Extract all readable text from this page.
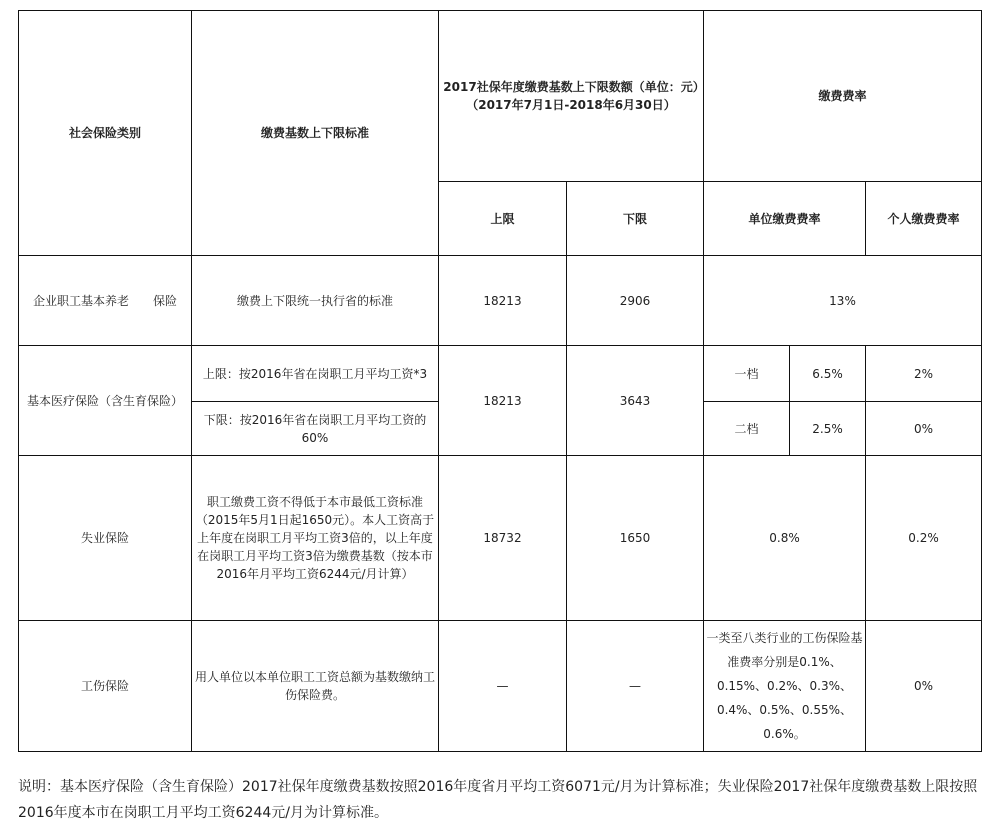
社会保险类别	缴费基数上下限标准	2017社保年度缴费基数上下限数额（单位：元）（2017年7月1日-2018年6月30日）		缴费费率			
		上限	下限	单位缴费费率		个人缴费费率	
企业职工基本养老　　保险	缴费上下限统一执行省的标准	18213	2906	13%	

基本医疗保险（含生育保险）	上限：按2016年省在岗职工月平均工资*3	18213	3643	一档	6.5%	2%	
	下限：按2016年省在岗职工月平均工资的60%			二档	2.5%	0%	
失业保险	职工缴费工资不得低于本市最低工资标准（2015年5月1日起1650元）。本人工资高于上年度在岗职工月平均工资3倍的，以上年度在岗职工月平均工资3倍为缴费基数（按本市2016年月平均工资6244元/月计算）	18732	1650	0.8%		0.2%	
工伤保险	用人单位以本单位职工工资总额为基数缴纳工伤保险费。	—	—	一类至八类行业的工伤保险基准费率分别是0.1%、0.15%、0.2%、0.3%、0.4%、0.5%、0.55%、0.6%。		0%	

说明：基本医疗保险（含生育保险）2017社保年度缴费基数按照2016年度省月平均工资6071元/月为计算标准；失业保险2017社保年度缴费基数上限按照2016年度本市在岗职工月平均工资6244元/月为计算标准。
